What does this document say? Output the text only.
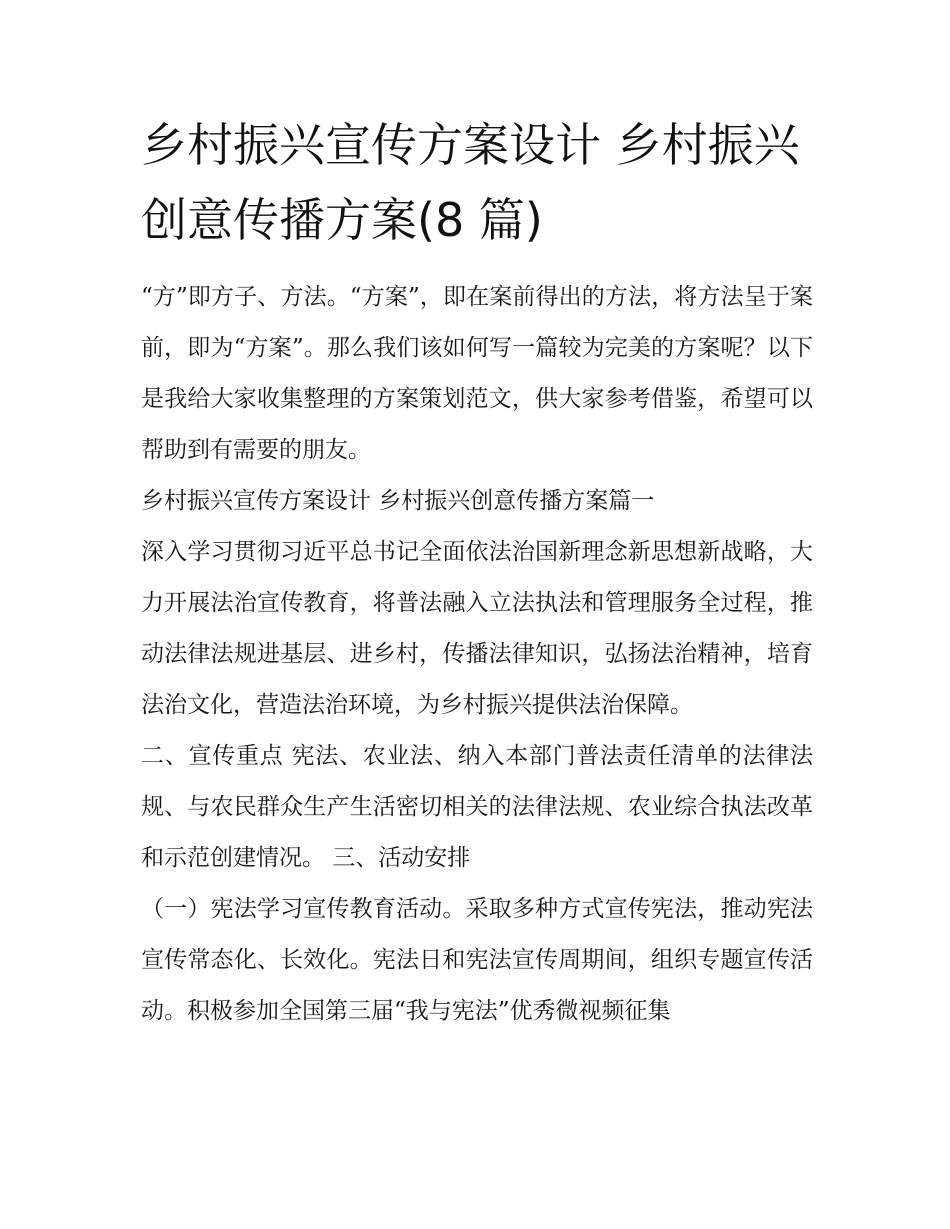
乡村振兴宣传方案设计 乡村振兴创意传播方案(8 篇)

“方”即方子、方法。“方案”，即在案前得出的方法，将方法呈于案前，即为“方案”。那么我们该如何写一篇较为完美的方案呢？以下是我给大家收集整理的方案策划范文，供大家参考借鉴，希望可以帮助到有需要的朋友。

乡村振兴宣传方案设计 乡村振兴创意传播方案篇一

深入学习贯彻习近平总书记全面依法治国新理念新思想新战略，大力开展法治宣传教育，将普法融入立法执法和管理服务全过程，推动法律法规进基层、进乡村，传播法律知识，弘扬法治精神，培育法治文化，营造法治环境，为乡村振兴提供法治保障。

二、宣传重点 宪法、农业法、纳入本部门普法责任清单的法律法规、与农民群众生产生活密切相关的法律法规、农业综合执法改革和示范创建情况。 三、活动安排

（一）宪法学习宣传教育活动。采取多种方式宣传宪法，推动宪法宣传常态化、长效化。宪法日和宪法宣传周期间，组织专题宣传活动。积极参加全国第三届“我与宪法”优秀微视频征集
